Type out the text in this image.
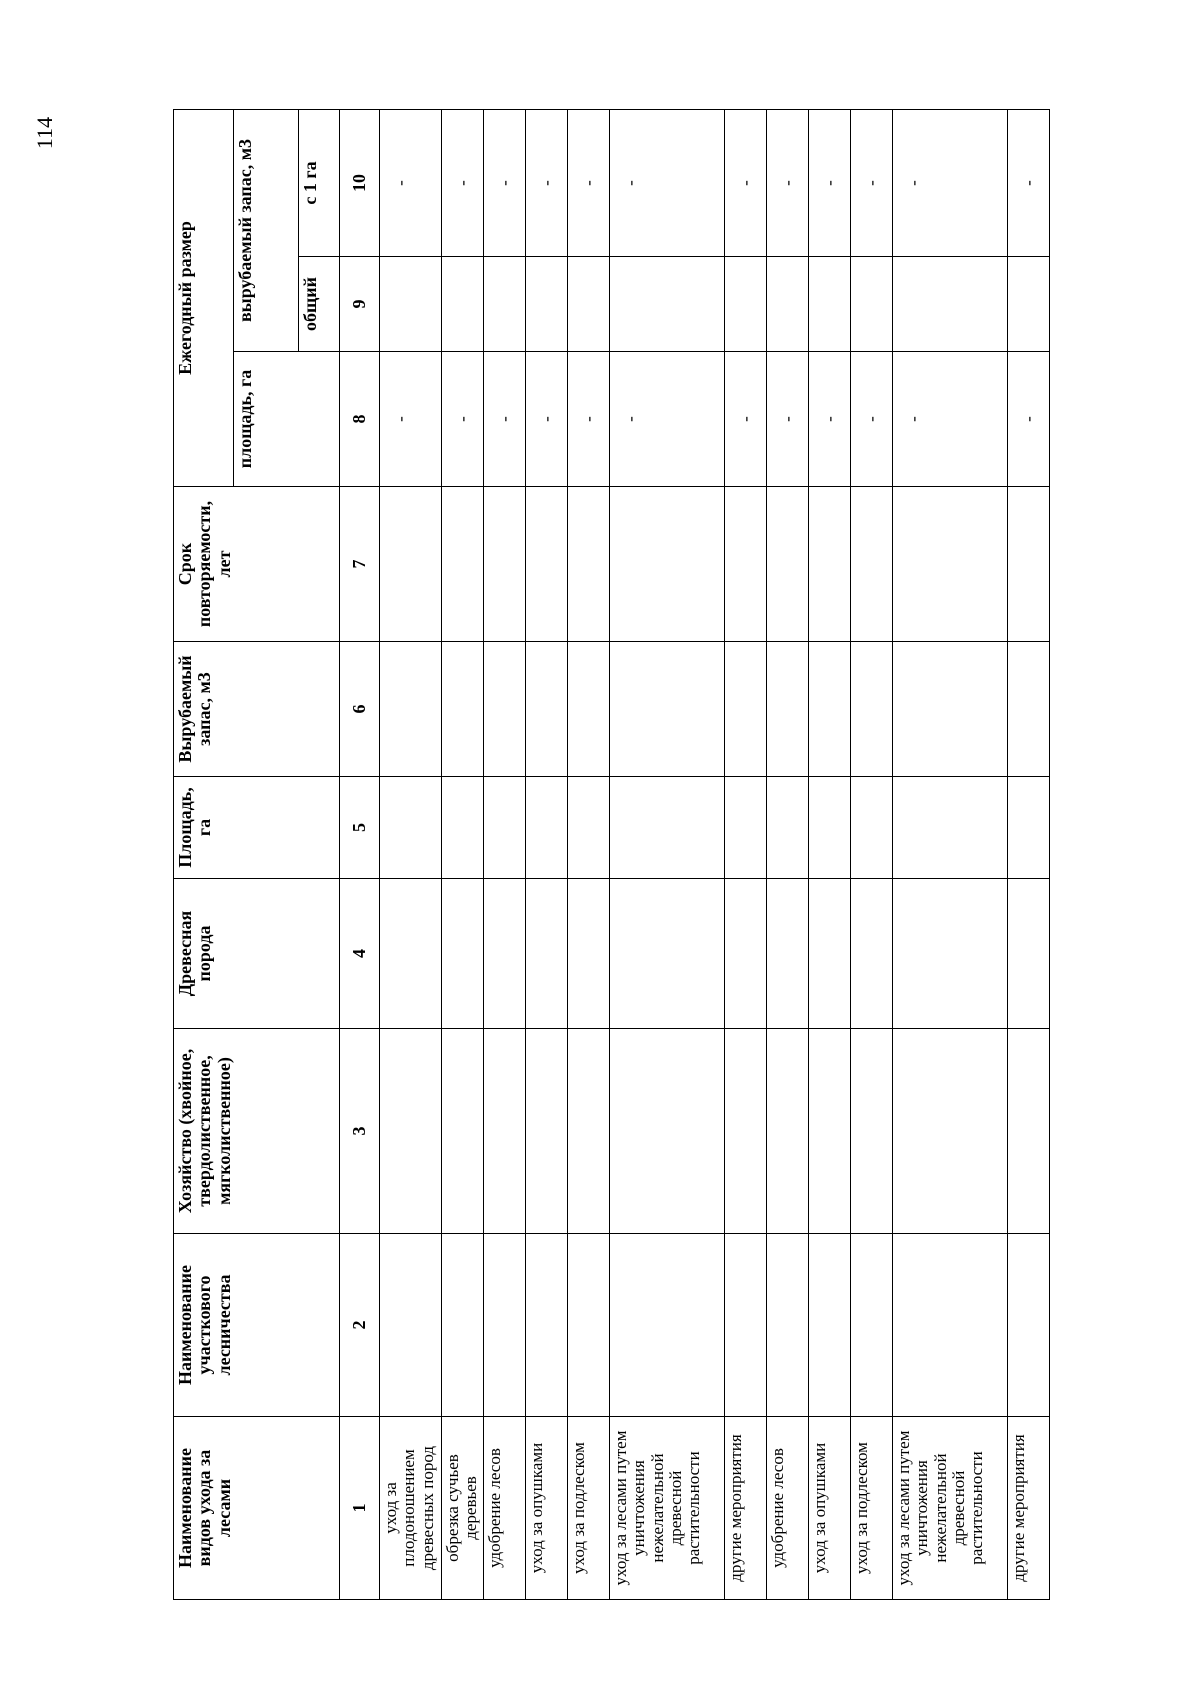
114
Наименование видов ухода за лесами	Наименование участкового лесничества	Хозяйство (хвойное, твердолиственное, мягколиственное)	Древесная порода	Площадь, га	Вырубаемый запас, м3	Срок повторяемости, лет	Ежегодный размер		
							площадь, га	вырубаемый запас, м3	
								общий	с 1 га
1	2	3	4	5	6	7	8	9	10
уход за плодоношением древесных пород							-		-
обрезка сучьев деревьев							-		-
удобрение лесов							-		-
уход за опушками							-		-
уход за подлеском							-		-
уход за лесами путем уничтожения нежелательной древесной растительности							-		-
другие мероприятия							-		-
удобрение лесов							-		-
уход за опушками							-		-
уход за подлеском							-		-
уход за лесами путем уничтожения нежелательной древесной растительности							-		-
другие мероприятия							-		-
